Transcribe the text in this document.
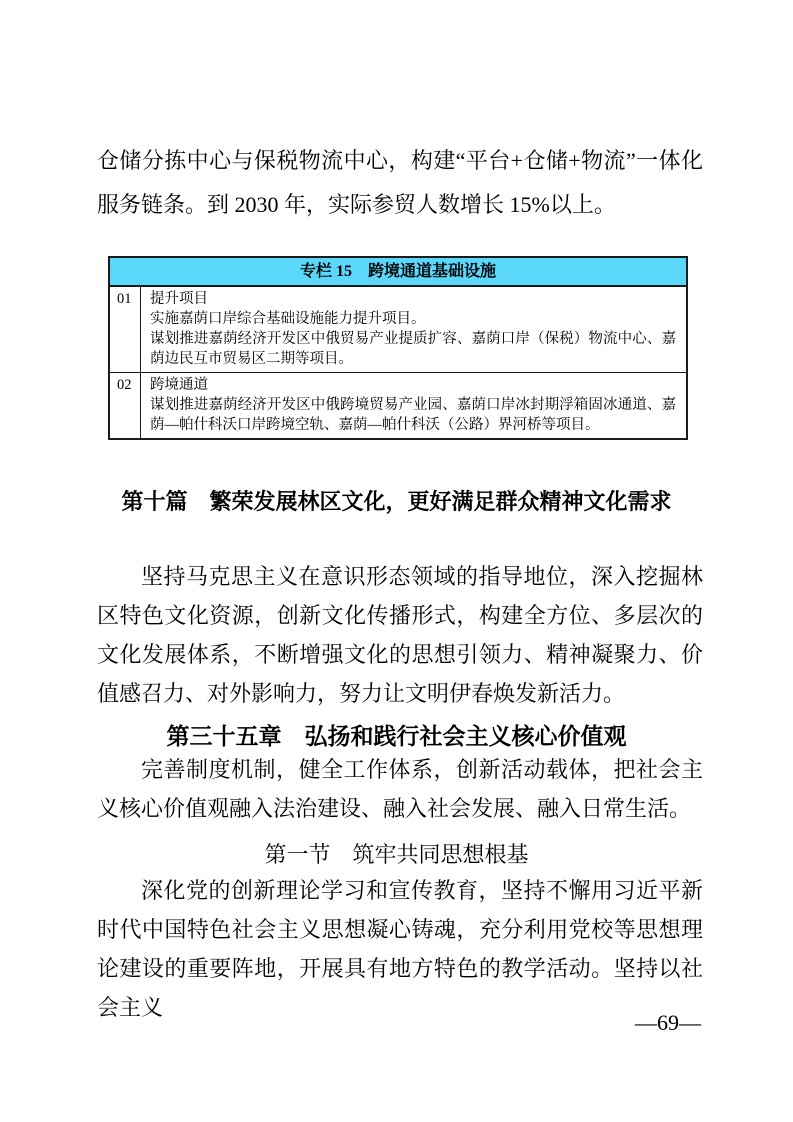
仓储分拣中心与保税物流中心，构建“平台+仓储+物流”一体化服务链条。到 2030 年，实际参贸人数增长 15%以上。

专栏 15　跨境通道基础设施
01	提升项目
实施嘉荫口岸综合基础设施能力提升项目。
谋划推进嘉荫经济开发区中俄贸易产业提质扩容、嘉荫口岸（保税）物流中心、嘉荫边民互市贸易区二期等项目。
02	跨境通道
谋划推进嘉荫经济开发区中俄跨境贸易产业园、嘉荫口岸冰封期浮箱固冰通道、嘉荫—帕什科沃口岸跨境空轨、嘉荫—帕什科沃（公路）界河桥等项目。
第十篇　繁荣发展林区文化，更好满足群众精神文化需求

坚持马克思主义在意识形态领域的指导地位，深入挖掘林区特色文化资源，创新文化传播形式，构建全方位、多层次的文化发展体系，不断增强文化的思想引领力、精神凝聚力、价值感召力、对外影响力，努力让文明伊春焕发新活力。

第三十五章　弘扬和践行社会主义核心价值观

完善制度机制，健全工作体系，创新活动载体，把社会主义核心价值观融入法治建设、融入社会发展、融入日常生活。

第一节　筑牢共同思想根基

深化党的创新理论学习和宣传教育，坚持不懈用习近平新时代中国特色社会主义思想凝心铸魂，充分利用党校等思想理论建设的重要阵地，开展具有地方特色的教学活动。坚持以社会主义

—69—
